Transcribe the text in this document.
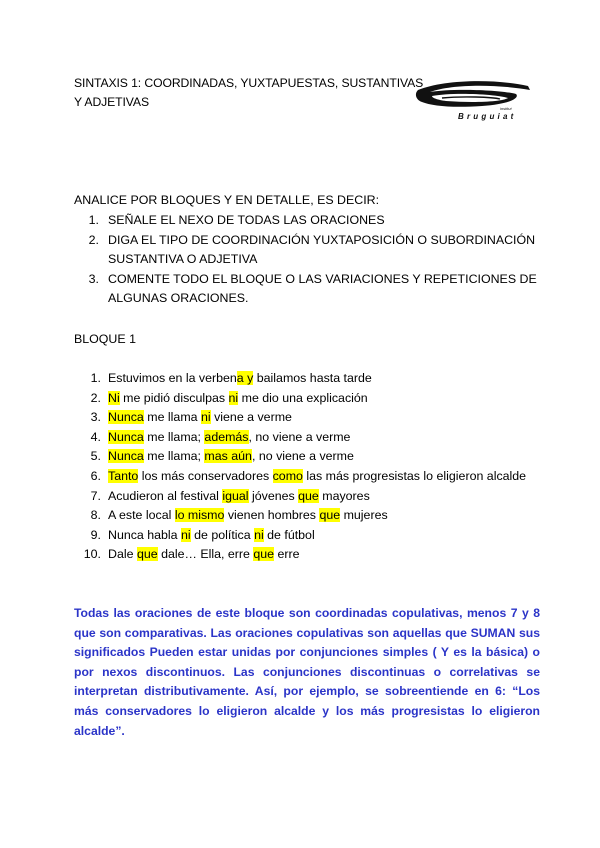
SINTAXIS 1: COORDINADAS, YUXTAPUESTAS, SUSTANTIVAS Y ADJETIVAS	institut
Bruguiat
ANALICE POR BLOQUES Y EN DETALLE, ES DECIR:
1. SEÑALE EL NEXO DE TODAS LAS ORACIONES
2. DIGA EL TIPO DE COORDINACIÓN YUXTAPOSICIÓN O SUBORDINACIÓN SUSTANTIVA O ADJETIVA
3. COMENTE TODO EL BLOQUE O LAS VARIACIONES Y REPETICIONES DE ALGUNAS ORACIONES.
BLOQUE 1
1. Estuvimos en la verbena y bailamos hasta tarde
2. Ni me pidió disculpas ni me dio una explicación
3. Nunca me llama ni viene a verme
4. Nunca me llama; además, no viene a verme
5. Nunca me llama; mas aún, no viene a verme
6. Tanto los más conservadores como las más progresistas lo eligieron alcalde
7. Acudieron al festival igual jóvenes que mayores
8. A este local lo mismo vienen hombres que mujeres
9. Nunca habla ni de política ni de fútbol
10. Dale que dale… Ella, erre que erre
Todas las oraciones de este bloque son coordinadas copulativas, menos 7 y 8 que son comparativas. Las oraciones copulativas son aquellas que SUMAN sus significados Pueden estar unidas por conjunciones simples ( Y es la básica) o por nexos discontinuos. Las conjunciones discontinuas o correlativas se interpretan distributivamente. Así, por ejemplo, se sobreentiende en 6: “Los más conservadores lo eligieron alcalde y los más progresistas lo eligieron alcalde”.
